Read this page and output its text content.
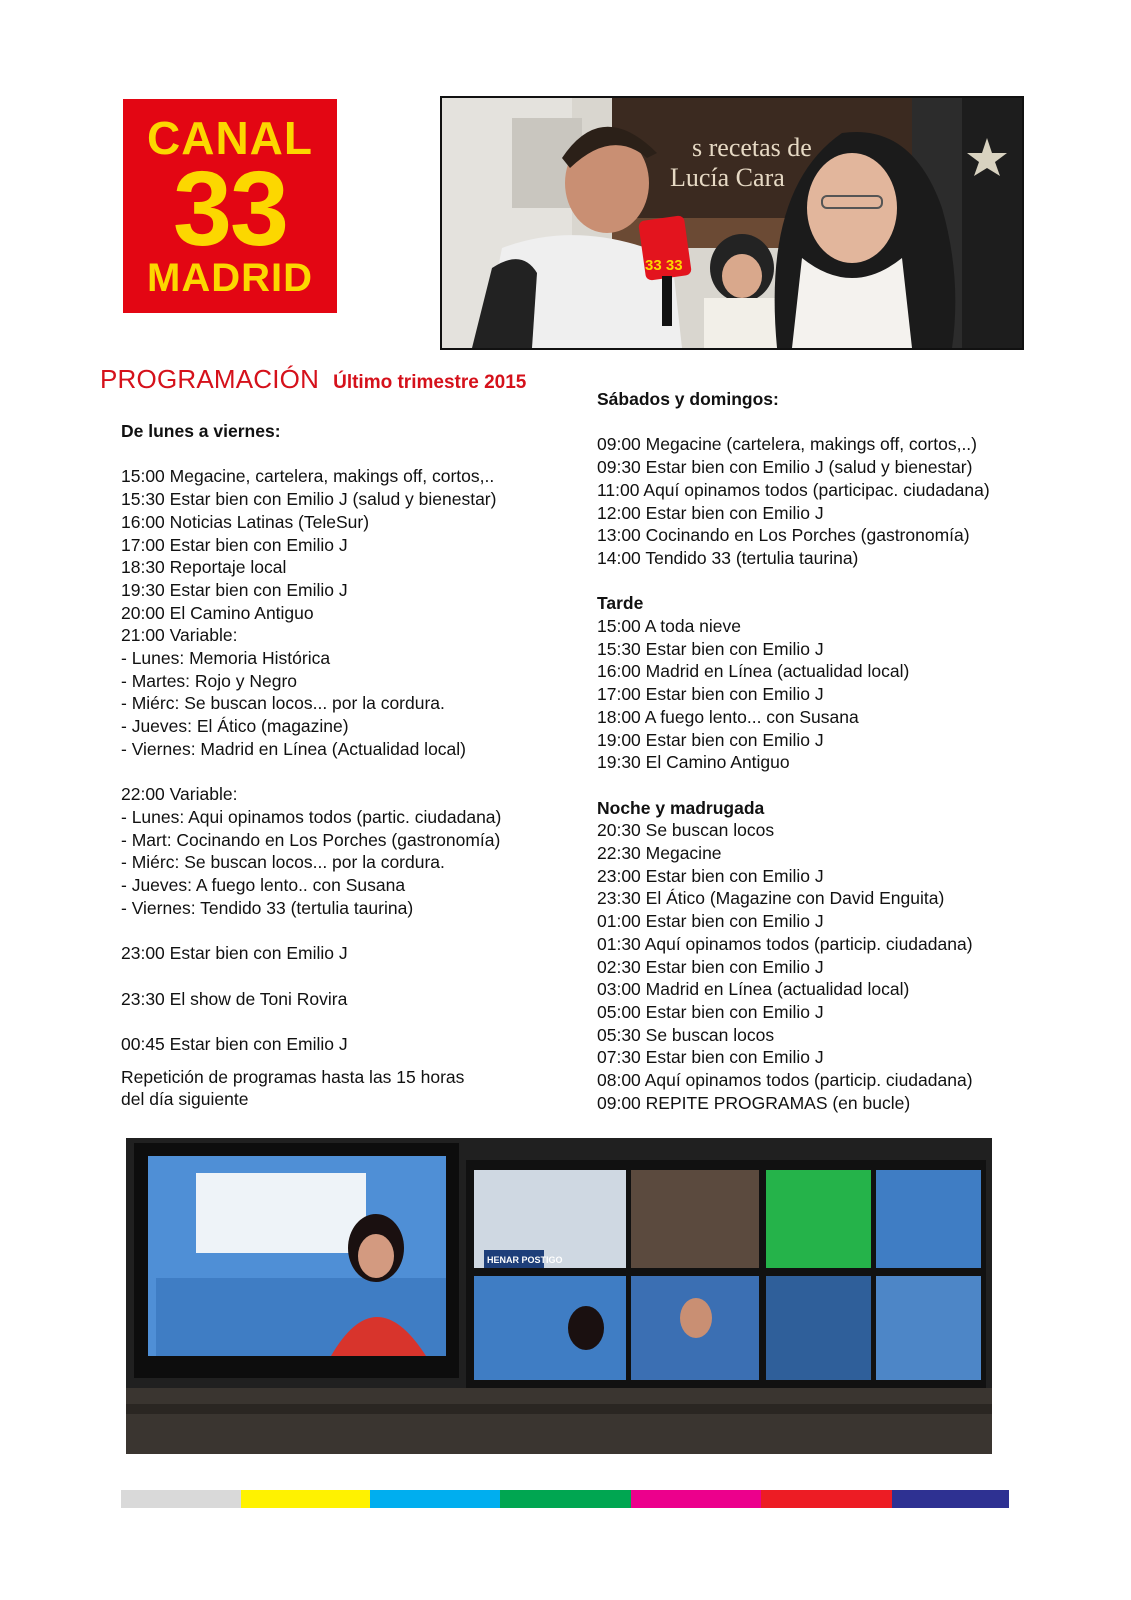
CANAL
33
MADRID
s recetas de
Lucía Cara
33 33
PROGRAMACIÓN Último trimestre 2015
De lunes a viernes:
15:00 Megacine, cartelera, makings off, cortos,..
15:30 Estar bien con Emilio J (salud y bienestar)
16:00 Noticias Latinas (TeleSur)
17:00 Estar bien con Emilio J
18:30 Reportaje local
19:30 Estar bien con Emilio J
20:00 El Camino Antiguo
21:00 Variable:
- Lunes: Memoria Histórica
- Martes: Rojo y Negro
- Miérc: Se buscan locos... por la cordura.
- Jueves: El Ático (magazine)
- Viernes: Madrid en Línea (Actualidad local)
22:00 Variable:
- Lunes: Aqui opinamos todos (partic. ciudadana)
- Mart: Cocinando en Los Porches (gastronomía)
- Miérc: Se buscan locos... por la cordura.
- Jueves: A fuego lento.. con Susana
- Viernes: Tendido 33 (tertulia taurina)
23:00 Estar bien con Emilio J
23:30 El show de Toni Rovira
00:45 Estar bien con Emilio J
Repetición de programas hasta las 15 horas
del día siguiente
Sábados y domingos:
09:00 Megacine (cartelera, makings off, cortos,..)
09:30 Estar bien con Emilio J (salud y bienestar)
11:00 Aquí opinamos todos (participac. ciudadana)
12:00 Estar bien con Emilio J
13:00 Cocinando en Los Porches (gastronomía)
14:00 Tendido 33 (tertulia taurina)
Tarde
15:00 A toda nieve
15:30 Estar bien con Emilio J
16:00 Madrid en Línea (actualidad local)
17:00 Estar bien con Emilio J
18:00 A fuego lento... con Susana
19:00 Estar bien con Emilio J
19:30 El Camino Antiguo
Noche y madrugada
20:30 Se buscan locos
22:30 Megacine
23:00 Estar bien con Emilio J
23:30 El Ático (Magazine con David Enguita)
01:00 Estar bien con Emilio J
01:30 Aquí opinamos todos (particip. ciudadana)
02:30 Estar bien con Emilio J
03:00 Madrid en Línea (actualidad local)
05:00 Estar bien con Emilio J
05:30 Se buscan locos
07:30 Estar bien con Emilio J
08:00 Aquí opinamos todos (particip. ciudadana)
09:00 REPITE PROGRAMAS (en bucle)
HENAR POSTIGO
